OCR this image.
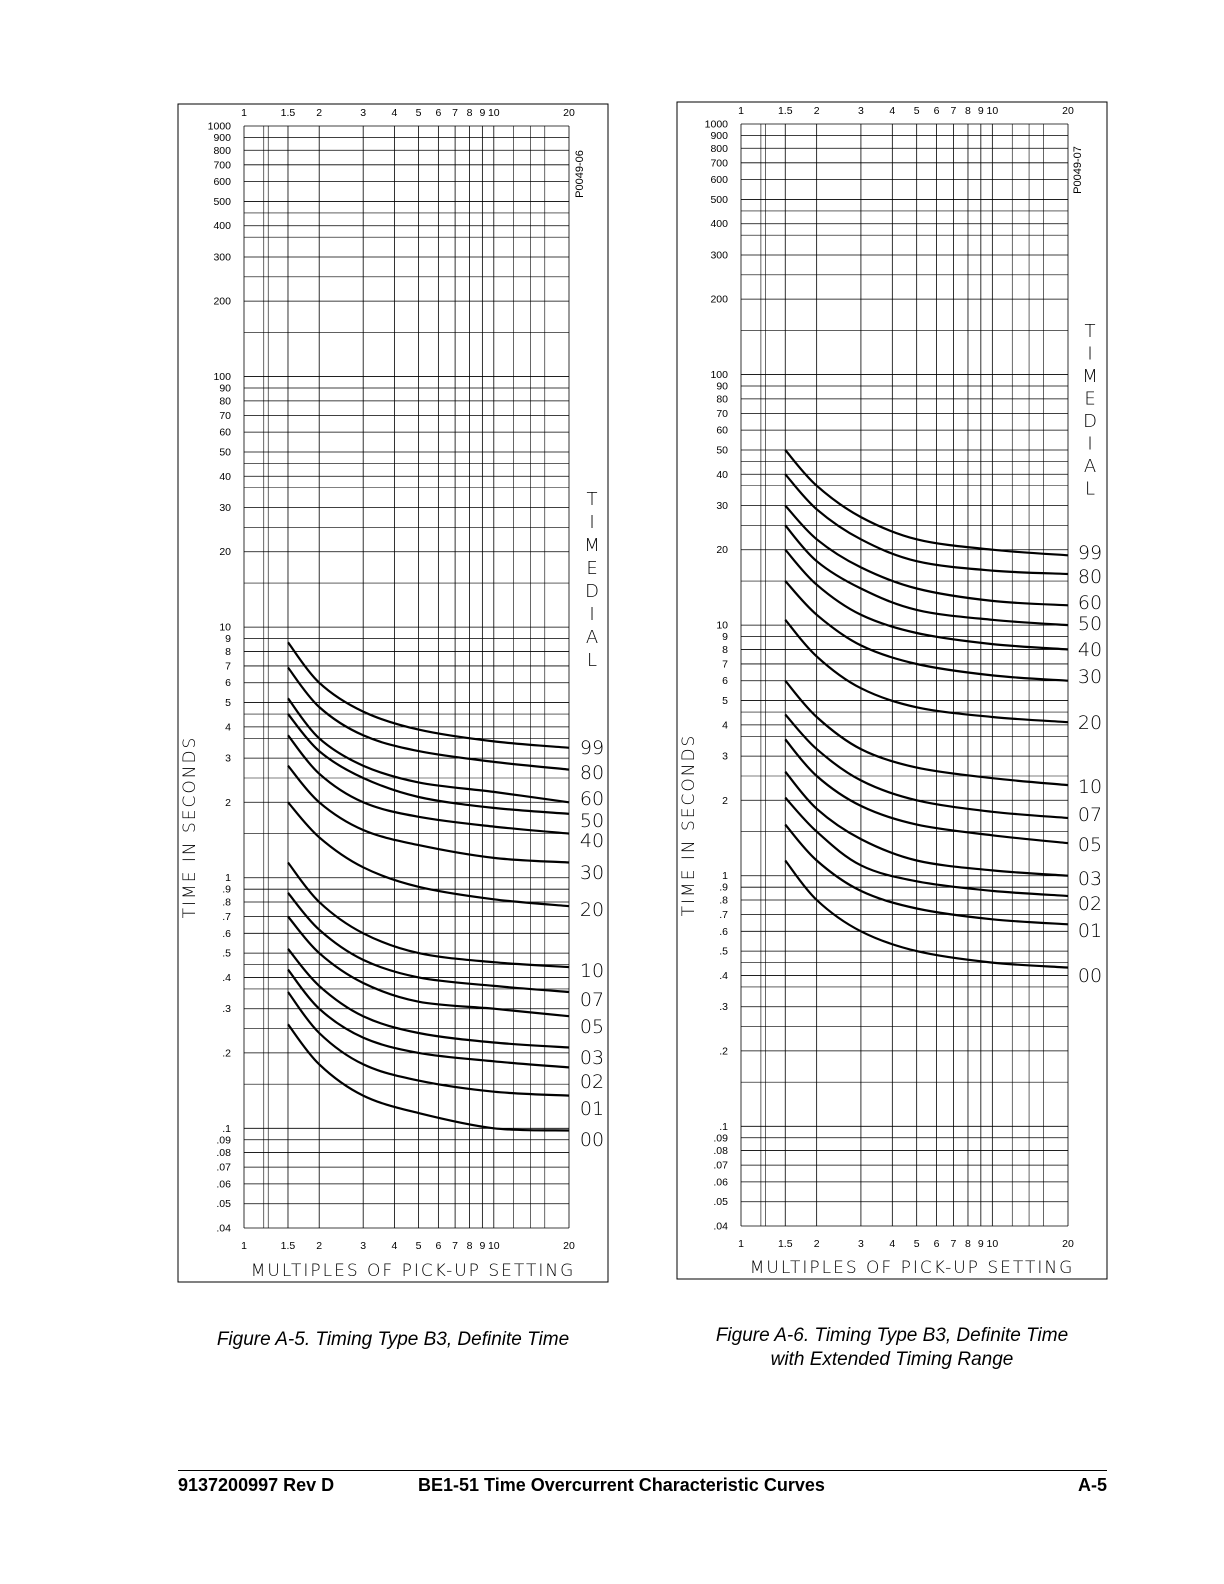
1000
900
800
700
600
500
400
300
200
100
90
80
70
60
50
40
30
20
10
9
8
7
6
5
4
3
2
1
.9
.8
.7
.6
.5
.4
.3
.2
.1
.09
.08
.07
.06
.05
.04
1
1
1.5
1.5
2
2
3
3
4
4
5
5
6
6
7
7
8
8
9
9
10
10
20
20
99
80
60
50
40
30
20
10
07
05
03
02
01
00
T
I
M
E
D
I
A
L
TIME IN SECONDS
MULTIPLES OF PICK-UP SETTING
P0049-06
1000
900
800
700
600
500
400
300
200
100
90
80
70
60
50
40
30
20
10
9
8
7
6
5
4
3
2
1
.9
.8
.7
.6
.5
.4
.3
.2
.1
.09
.08
.07
.06
.05
.04
1
1
1.5
1.5
2
2
3
3
4
4
5
5
6
6
7
7
8
8
9
9
10
10
20
20
99
80
60
50
40
30
20
10
07
05
03
02
01
00
T
I
M
E
D
I
A
L
TIME IN SECONDS
MULTIPLES OF PICK-UP SETTING
P0049-07
Figure A-5. Timing Type B3, Definite Time	Figure A-6. Timing Type B3, Definite Time
with Extended Timing Range
9137200997 Rev D	BE1-51 Time Overcurrent Characteristic Curves	A-5
